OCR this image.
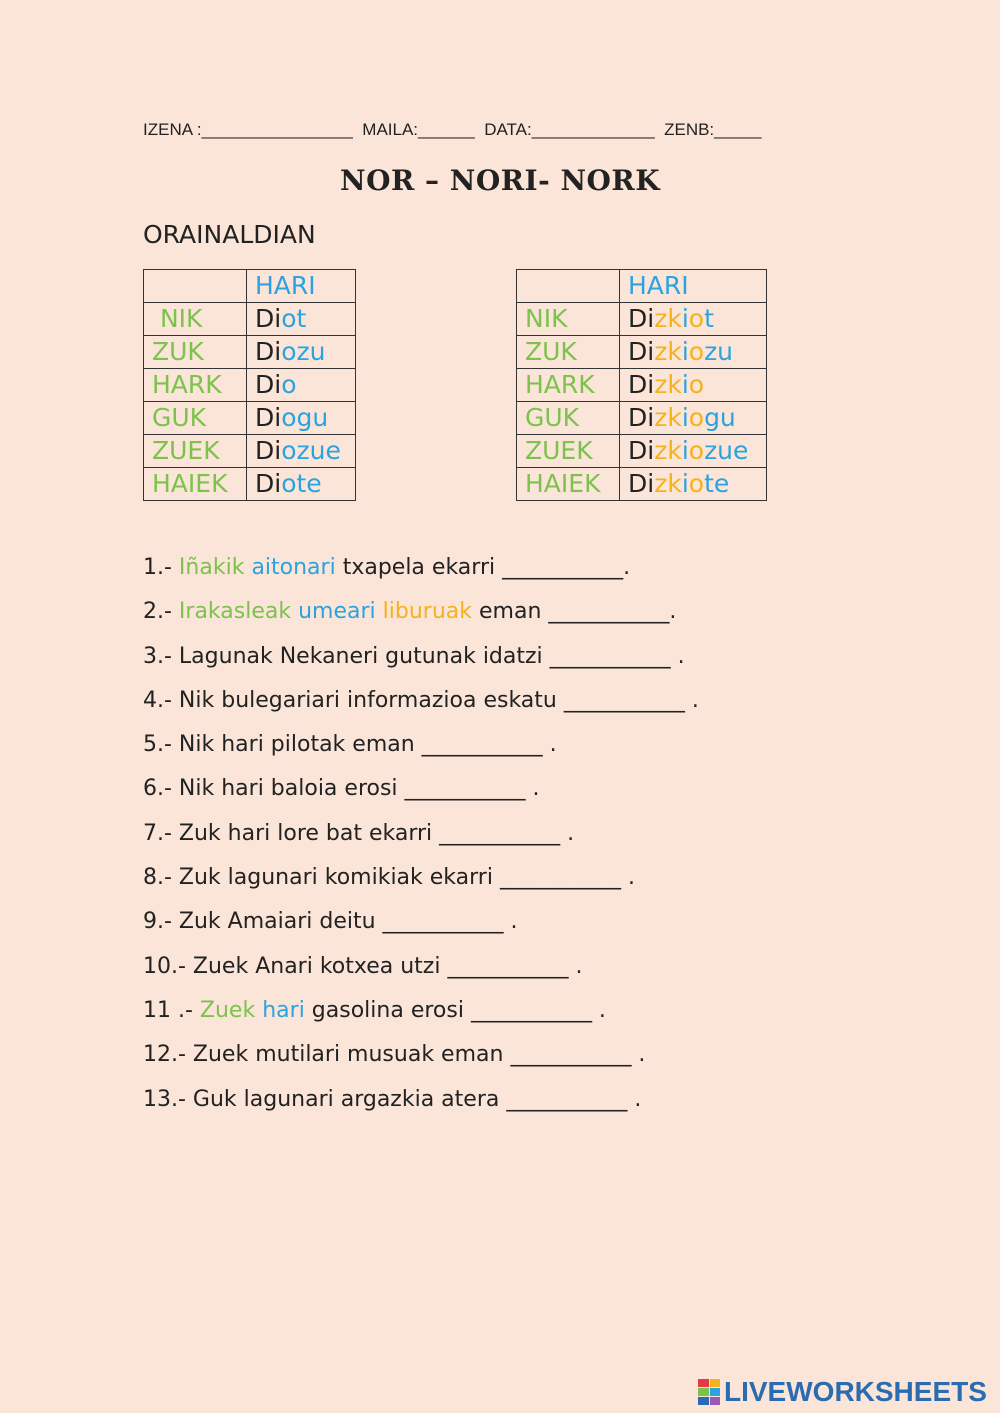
IZENA :________________  MAILA:______  DATA:_____________  ZENB:_____
NOR – NORI- NORK
ORAINALDIAN
	HARI
NIK	Diot
ZUK	Diozu
HARK	Dio
GUK	Diogu
ZUEK	Diozue
HAIEK	Diote
	HARI
NIK	Dizkiot
ZUK	Dizkiozu
HARK	Dizkio
GUK	Dizkiogu
ZUEK	Dizkiozue
HAIEK	Dizkiote
1.- Iñakik aitonari txapela ekarri ___________.
2.- Irakasleak umeari liburuak eman ___________.
3.- Lagunak Nekaneri gutunak idatzi ___________ .
4.- Nik bulegariari informazioa eskatu ___________ .
5.- Nik hari pilotak eman ___________ .
6.- Nik hari baloia erosi ___________ .
7.- Zuk hari lore bat ekarri ___________ .
8.- Zuk lagunari komikiak ekarri ___________ .
9.- Zuk Amaiari deitu ___________ .
10.- Zuek Anari kotxea utzi ___________ .
11 .- Zuek hari gasolina erosi ___________ .
12.- Zuek mutilari musuak eman ___________ .
13.- Guk lagunari argazkia atera ___________ .
LIVEWORKSHEETS
